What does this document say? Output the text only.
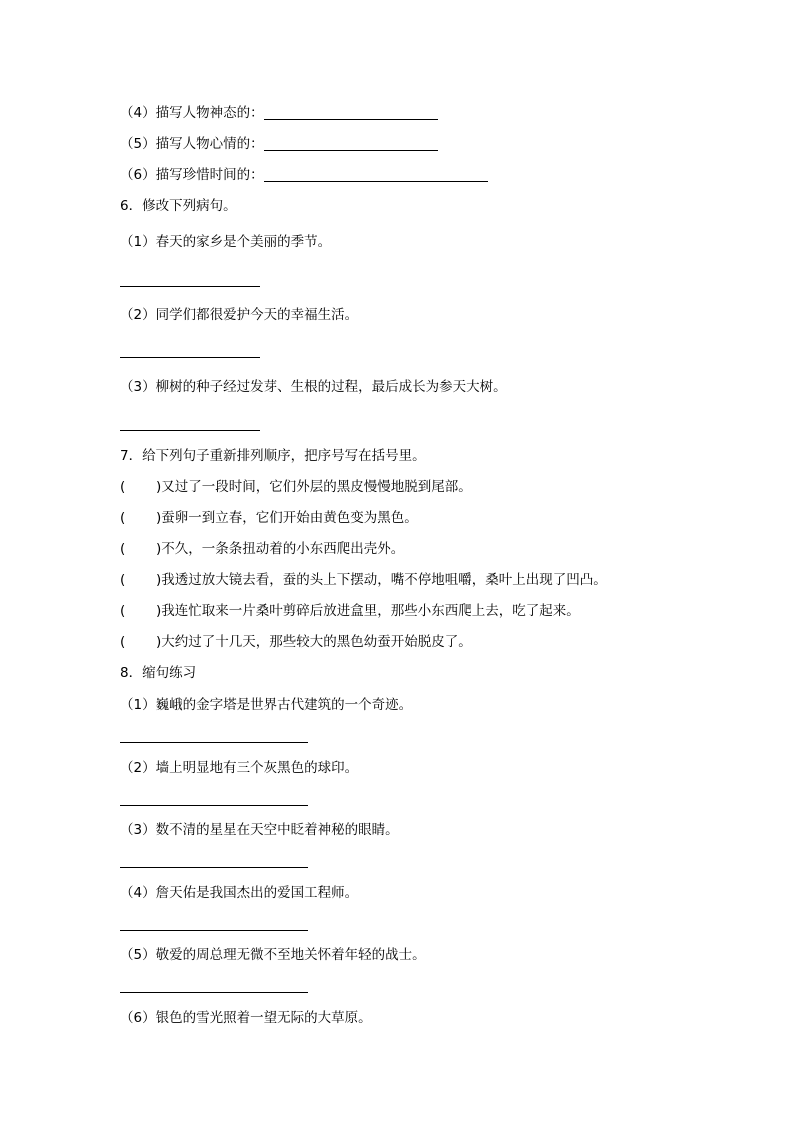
（4）描写人物神态的：
（5）描写人物心情的：
（6）描写珍惜时间的：
6．修改下列病句。
（1）春天的家乡是个美丽的季节。
（2）同学们都很爱护今天的幸福生活。
（3）柳树的种子经过发芽、生根的过程，最后成长为参天大树。
7．给下列句子重新排列顺序，把序号写在括号里。
( )又过了一段时间，它们外层的黑皮慢慢地脱到尾部。
( )蚕卵一到立春，它们开始由黄色变为黑色。
( )不久，一条条扭动着的小东西爬出壳外。
( )我透过放大镜去看，蚕的头上下摆动，嘴不停地咀嚼，桑叶上出现了凹凸。
( )我连忙取来一片桑叶剪碎后放进盒里，那些小东西爬上去，吃了起来。
( )大约过了十几天，那些较大的黑色幼蚕开始脱皮了。
8．缩句练习
（1）巍峨的金字塔是世界古代建筑的一个奇迹。
（2）墙上明显地有三个灰黑色的球印。
（3）数不清的星星在天空中眨着神秘的眼睛。
（4）詹天佑是我国杰出的爱国工程师。
（5）敬爱的周总理无微不至地关怀着年轻的战士。
（6）银色的雪光照着一望无际的大草原。
